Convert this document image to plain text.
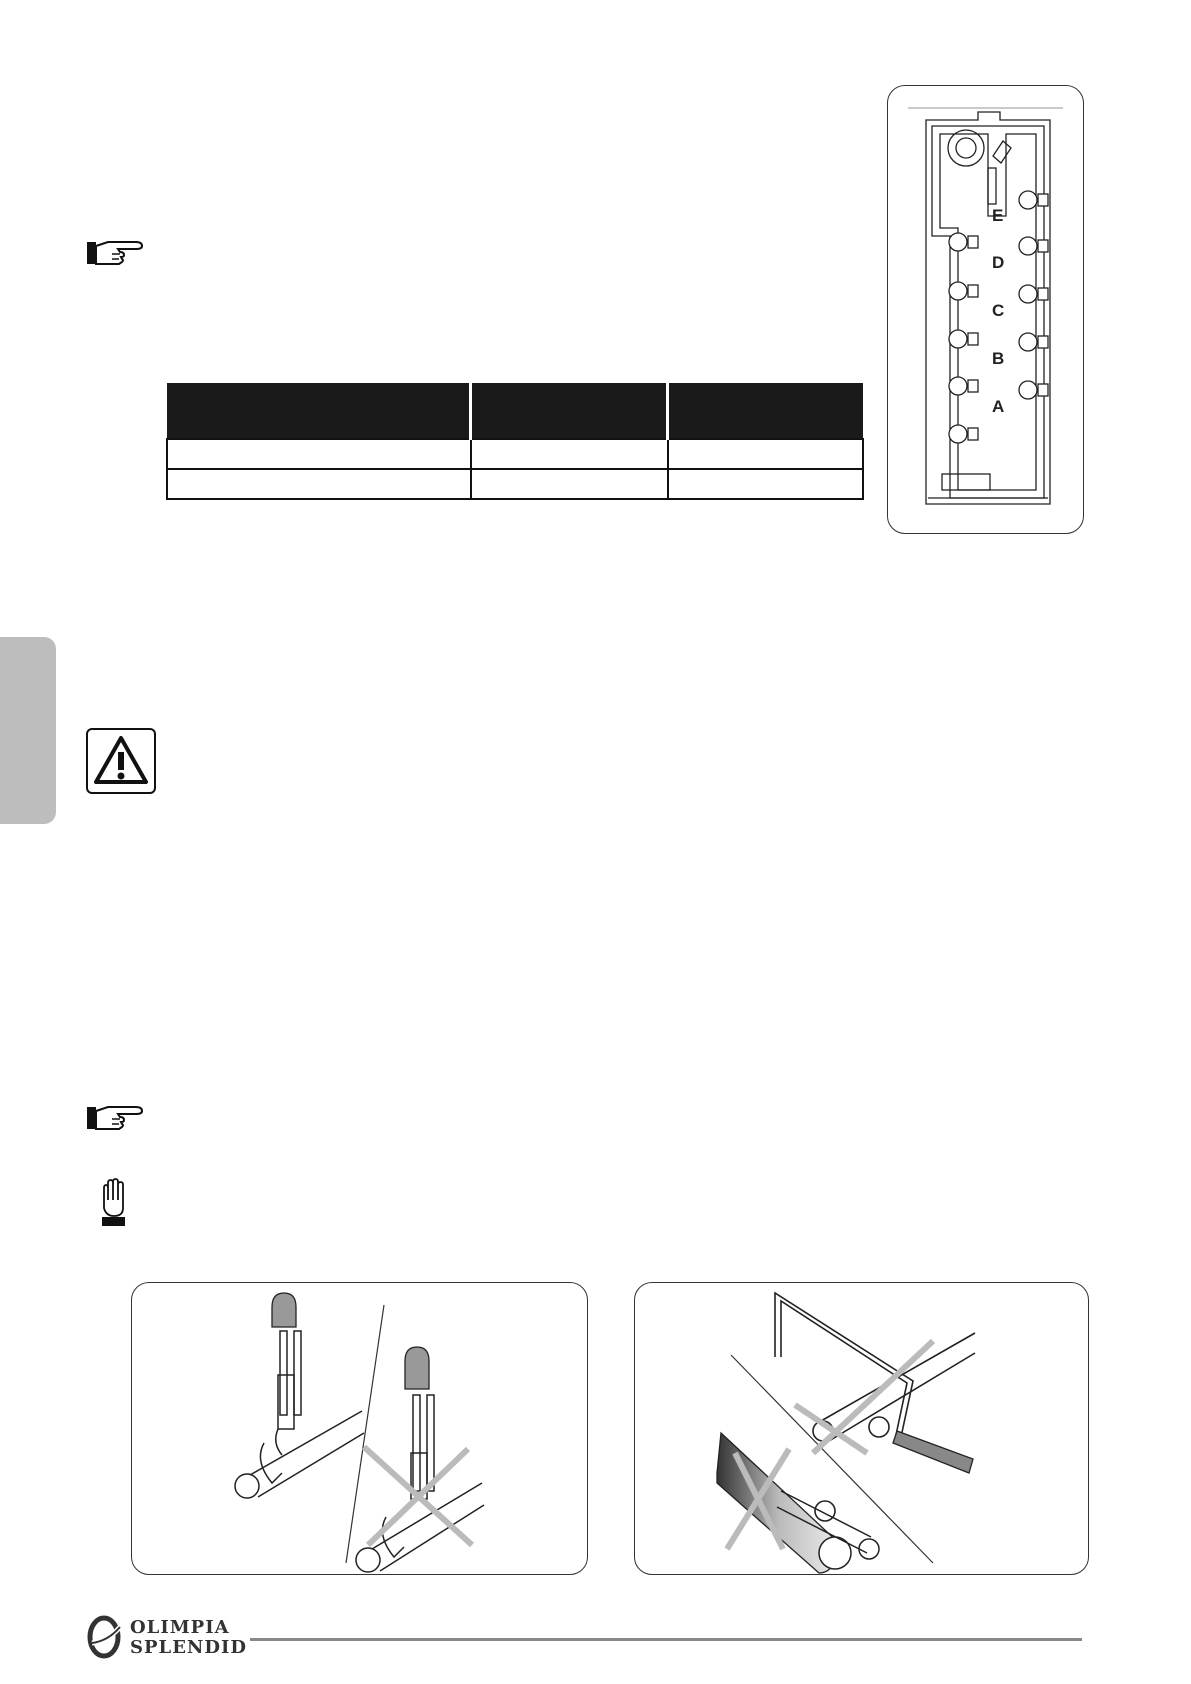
E
D
C
B
A
OLIMPIA
SPLENDID
